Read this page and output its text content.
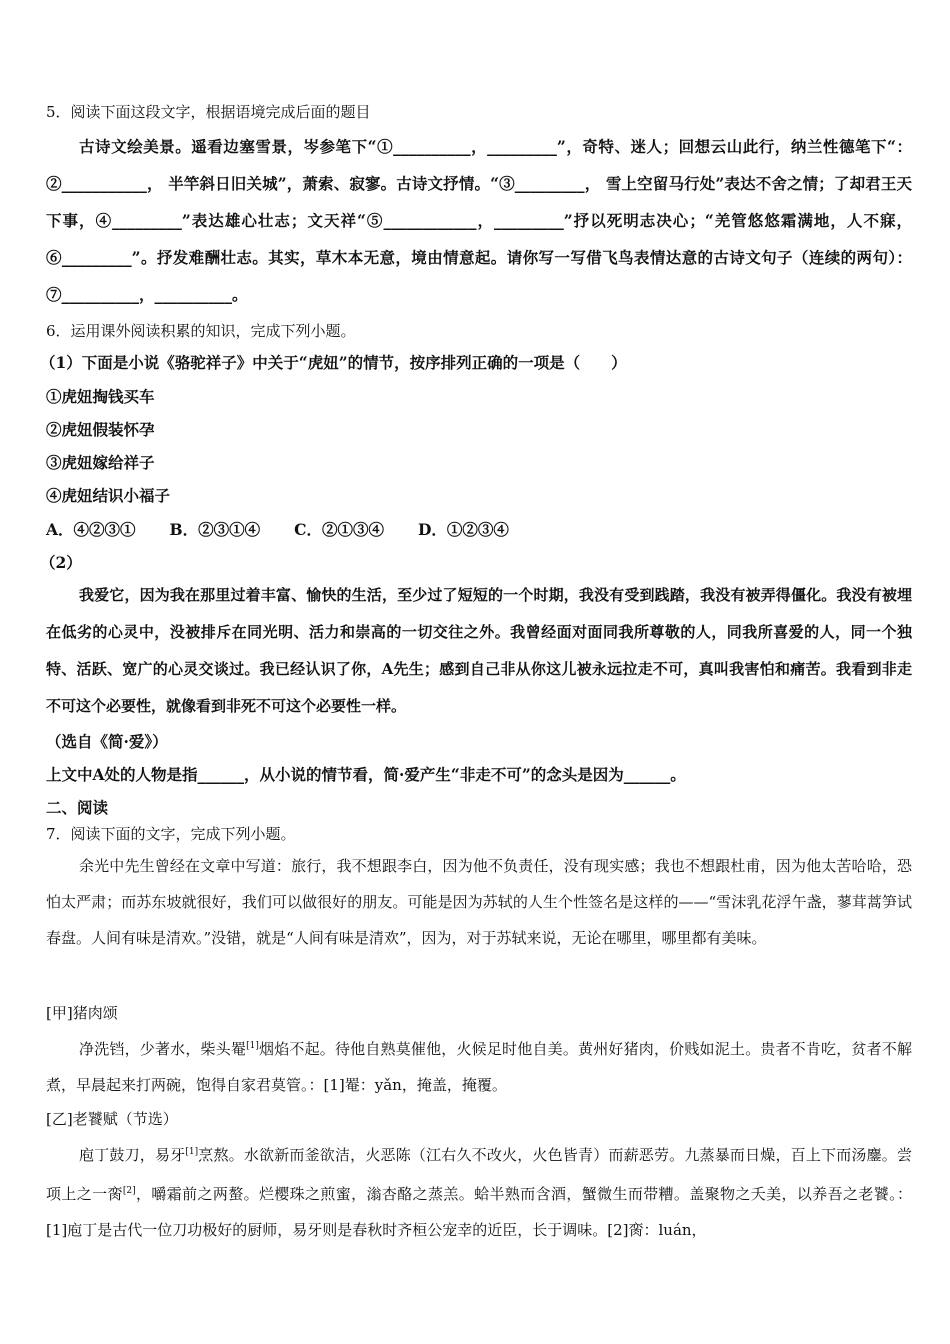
5．阅读下面这段文字，根据语境完成后面的题目
古诗文绘美景。遥看边塞雪景，岑参笔下“①__________，_________”，奇特、迷人；回想云山此行，纳兰性德笔下“：②___________， 半竿斜日旧关城”，萧索、寂寥。古诗文抒情。“③_________， 雪上空留马行处”表达不舍之情；了却君王天下事，④_________”表达雄心壮志；文天祥“⑤____________，_________”抒以死明志决心；“羌管悠悠霜满地，人不寐，⑥_________”。抒发难酬壮志。其实，草木本无意，境由情意起。请你写一写借飞鸟表情达意的古诗文句子（连续的两句）：⑦__________，__________。
6．运用课外阅读积累的知识，完成下列小题。
（1）下面是小说《骆驼祥子》中关于“虎妞”的情节，按序排列正确的一项是（　　）
①虎妞掏钱买车
②虎妞假装怀孕
③虎妞嫁给祥子
④虎妞结识小福子
A．④②③① B．②③①④ C．②①③④ D．①②③④
（2）
我爱它，因为我在那里过着丰富、愉快的生活，至少过了短短的一个时期，我没有受到践踏，我没有被弄得僵化。我没有被埋在低劣的心灵中，没被排斥在同光明、活力和崇高的一切交往之外。我曾经面对面同我所尊敬的人，同我所喜爱的人，同一个独特、活跃、宽广的心灵交谈过。我已经认识了你，A先生；感到自己非从你这儿被永远拉走不可，真叫我害怕和痛苦。我看到非走不可这个必要性，就像看到非死不可这个必要性一样。
（选自《简·爱》）
上文中A处的人物是指______，从小说的情节看，简·爱产生“非走不可”的念头是因为______。
二、阅读
7．阅读下面的文字，完成下列小题。
余光中先生曾经在文章中写道：旅行，我不想跟李白，因为他不负责任，没有现实感；我也不想跟杜甫，因为他太苦哈哈，恐怕太严肃；而苏东坡就很好，我们可以做很好的朋友。可能是因为苏轼的人生个性签名是这样的——“雪沫乳花浮午盏，蓼茸蒿笋试春盘。人间有味是清欢。”没错，就是“人间有味是清欢”，因为，对于苏轼来说，无论在哪里，哪里都有美味。
[甲]猪肉颂
净洗铛，少著水，柴头罨[1]烟焰不起。待他自熟莫催他，火候足时他自美。黄州好猪肉，价贱如泥土。贵者不肯吃，贫者不解煮，早晨起来打两碗，饱得自家君莫管。：[1]罨：yǎn，掩盖，掩覆。
[乙]老饕赋（节选）
庖丁鼓刀，易牙[1]烹熬。水欲新而釜欲洁，火恶陈（江右久不改火，火色皆青）而薪恶劳。九蒸暴而日燥，百上下而汤鏖。尝项上之一脔[2]，嚼霜前之两螯。烂樱珠之煎蜜，滃杏酪之蒸羔。蛤半熟而含酒，蟹微生而带糟。盖聚物之夭美，以养吾之老饕。：[1]庖丁是古代一位刀功极好的厨师，易牙则是春秋时齐桓公宠幸的近臣，长于调味。[2]脔：luán，
